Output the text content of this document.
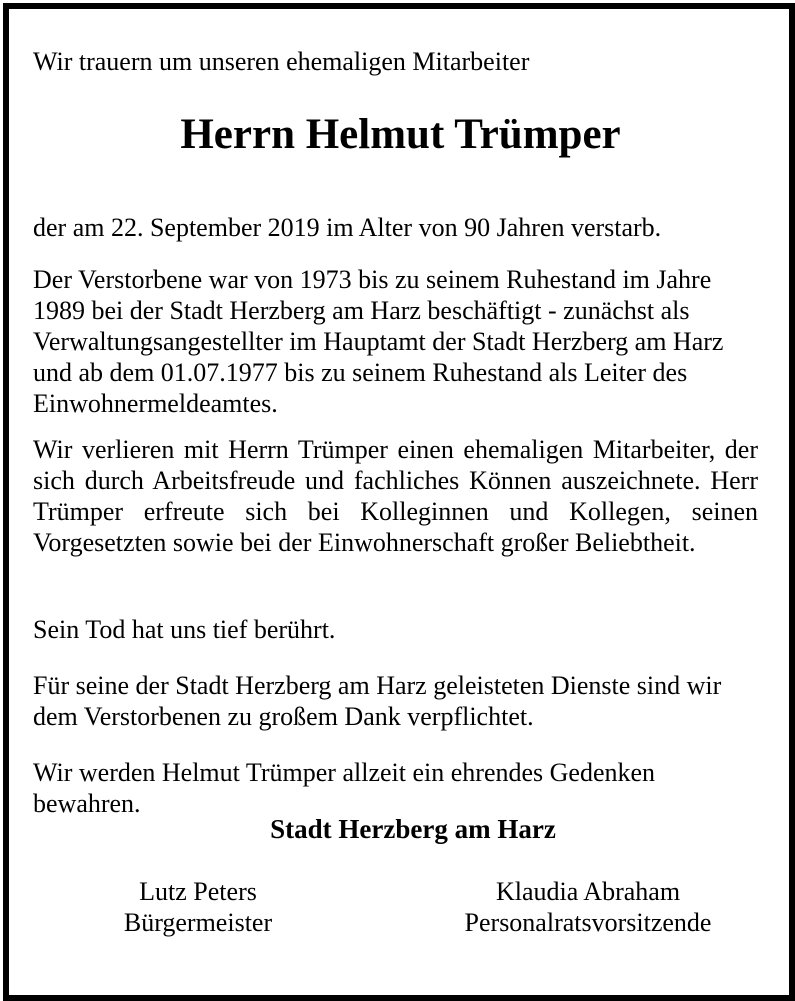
Wir trauern um unseren ehemaligen Mitarbeiter

Herrn Helmut Trümper

der am 22. September 2019 im Alter von 90 Jahren verstarb.

Der Verstorbene war von 1973 bis zu seinem Ruhestand im Jahre 1989 bei der Stadt Herzberg am Harz beschäftigt - zunächst als Verwaltungsangestellter im Hauptamt der Stadt Herzberg am Harz und ab dem 01.07.1977 bis zu seinem Ruhestand als Leiter des Einwohnermeldeamtes.

Wir verlieren mit Herrn Trümper einen ehemaligen Mitarbeiter, der sich durch Arbeitsfreude und fachliches Können auszeichnete. Herr Trümper erfreute sich bei Kolleginnen und Kollegen, seinen Vorgesetzten sowie bei der Einwohnerschaft großer Beliebtheit.

Sein Tod hat uns tief berührt.

Für seine der Stadt Herzberg am Harz geleisteten Dienste sind wir dem Verstorbenen zu großem Dank verpflichtet.

Wir werden Helmut Trümper allzeit ein ehrendes Gedenken bewahren.

Stadt Herzberg am Harz

Lutz Peters
Bürgermeister
Klaudia Abraham
Personalratsvorsitzende
